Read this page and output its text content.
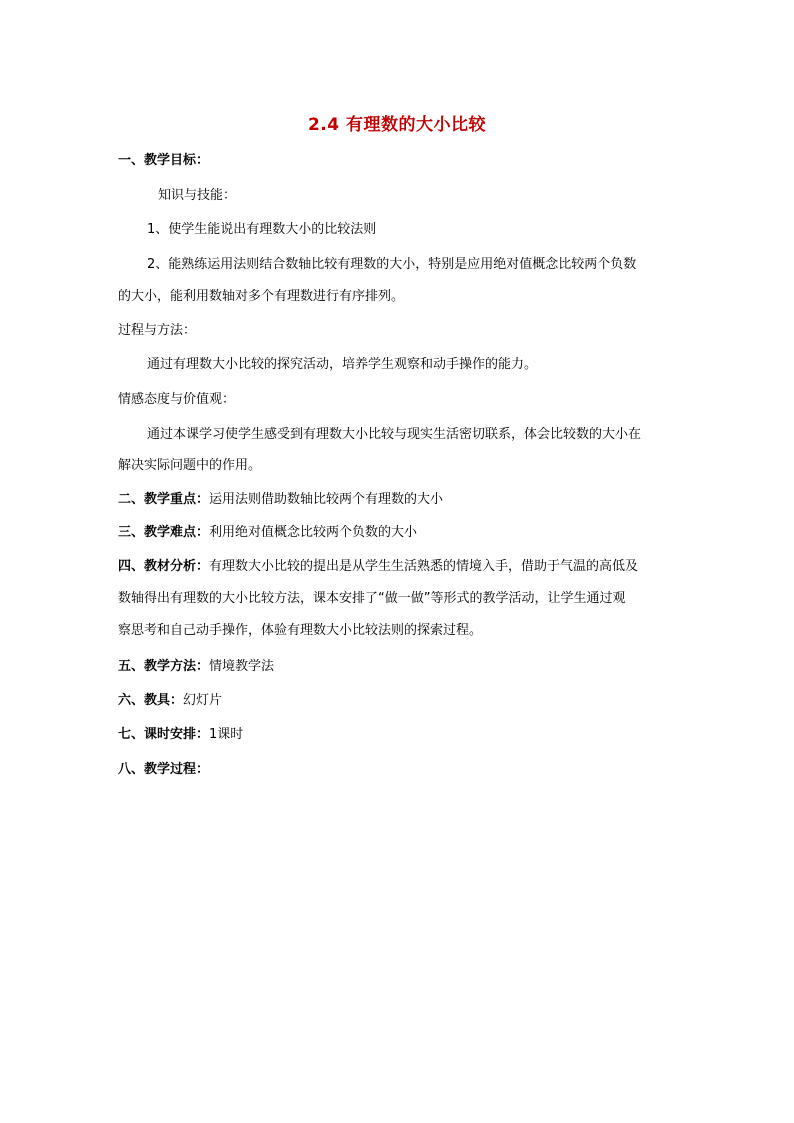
2.4 有理数的大小比较
一、教学目标：
知识与技能：
1、使学生能说出有理数大小的比较法则
2、能熟练运用法则结合数轴比较有理数的大小，特别是应用绝对值概念比较两个负数
的大小，能利用数轴对多个有理数进行有序排列。
过程与方法：
通过有理数大小比较的探究活动，培养学生观察和动手操作的能力。
情感态度与价值观：
通过本课学习使学生感受到有理数大小比较与现实生活密切联系，体会比较数的大小在
解决实际问题中的作用。
二、教学重点：运用法则借助数轴比较两个有理数的大小
三、教学难点：利用绝对值概念比较两个负数的大小
四、教材分析：有理数大小比较的提出是从学生生活熟悉的情境入手，借助于气温的高低及
数轴得出有理数的大小比较方法，课本安排了“做一做”等形式的教学活动，让学生通过观
察思考和自己动手操作，体验有理数大小比较法则的探索过程。
五、教学方法：情境教学法
六、教具：幻灯片
七、课时安排：1课时
八、教学过程：
